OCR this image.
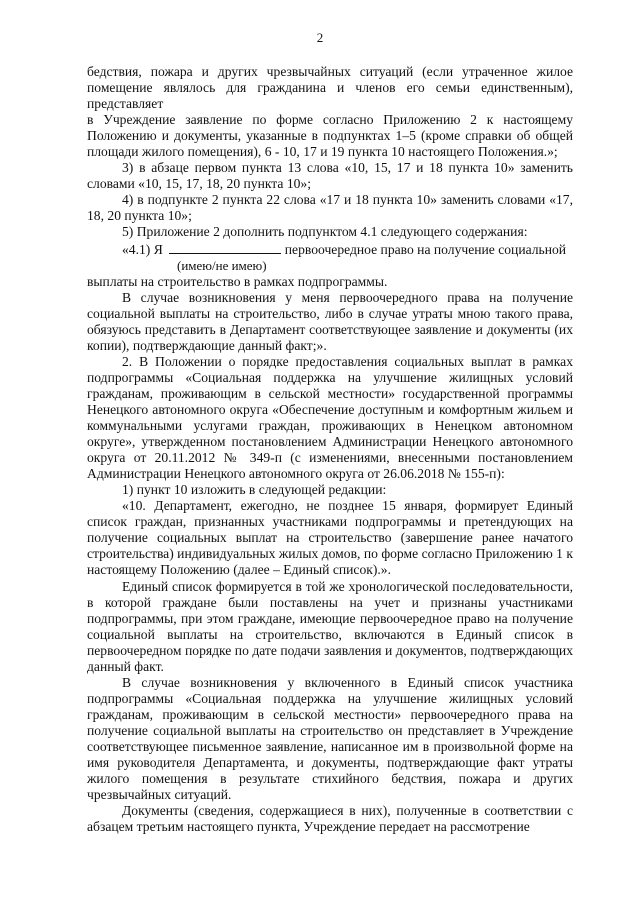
2

бедствия, пожара и других чрезвычайных ситуаций (если утраченное жилое помещение являлось для гражданина и членов его семьи единственным), представляет

в Учреждение заявление по форме согласно Приложению 2 к настоящему Положению и документы, указанные в подпунктах 1–5 (кроме справки об общей площади жилого помещения), 6 - 10, 17 и 19 пункта 10 настоящего Положения.»;

3) в абзаце первом пункта 13 слова «10, 15, 17 и 18 пункта 10» заменить словами «10, 15, 17, 18, 20 пункта 10»;

4) в подпункте 2 пункта 22 слова «17 и 18 пункта 10» заменить словами «17, 18, 20 пункта 10»;

5) Приложение 2 дополнить подпунктом 4.1 следующего содержания:

«4.1) Я	первоочередное право на получение социальной

(имею/не имею)

выплаты на строительство в рамках подпрограммы.

В случае возникновения у меня первоочередного права на получение социальной выплаты на строительство, либо в случае утраты мною такого права, обязуюсь представить в Департамент соответствующее заявление и документы (их копии), подтверждающие данный факт;».

2. В Положении о порядке предоставления социальных выплат в рамках подпрограммы «Социальная поддержка на улучшение жилищных условий гражданам, проживающим в сельской местности» государственной программы Ненецкого автономного округа «Обеспечение доступным и комфортным жильем и коммунальными услугами граждан, проживающих в Ненецком автономном округе», утвержденном постановлением Администрации Ненецкого автономного округа от 20.11.2012 № 349-п (с изменениями, внесенными постановлением Администрации Ненецкого автономного округа от 26.06.2018 № 155-п):

1) пункт 10 изложить в следующей редакции:

«10. Департамент, ежегодно, не позднее 15 января, формирует Единый список граждан, признанных участниками подпрограммы и претендующих на получение социальных выплат на строительство (завершение ранее начатого строительства) индивидуальных жилых домов, по форме согласно Приложению 1 к настоящему Положению (далее – Единый список).».

Единый список формируется в той же хронологической последовательности, в которой граждане были поставлены на учет и признаны участниками подпрограммы, при этом граждане, имеющие первоочередное право на получение социальной выплаты на строительство, включаются в Единый список в первоочередном порядке по дате подачи заявления и документов, подтверждающих данный факт.

В случае возникновения у включенного в Единый список участника подпрограммы «Социальная поддержка на улучшение жилищных условий гражданам, проживающим в сельской местности» первоочередного права на получение социальной выплаты на строительство он представляет в Учреждение соответствующее письменное заявление, написанное им в произвольной форме на имя руководителя Департамента, и документы, подтверждающие факт утраты жилого помещения в результате стихийного бедствия, пожара и других чрезвычайных ситуаций.

Документы (сведения, содержащиеся в них), полученные в соответствии с абзацем третьим настоящего пункта, Учреждение передает на рассмотрение
